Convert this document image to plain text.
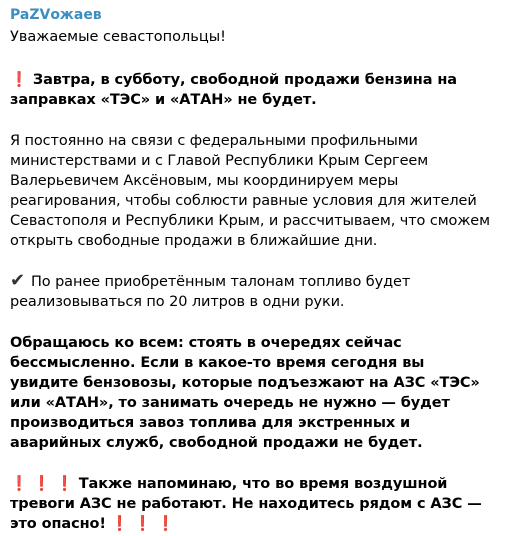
PaZVожаев
Уважаемые севастопольцы!
❗ Завтра, в субботу, свободной продажи бензина на заправках «ТЭС» и «АТАН» не будет.
Я постоянно на связи с федеральными профильными министерствами и с Главой Республики Крым Сергеем Валерьевичем Аксёновым, мы координируем меры реагирования, чтобы соблюсти равные условия для жителей Севастополя и Республики Крым, и рассчитываем, что сможем открыть свободные продажи в ближайшие дни.
✔ По ранее приобретённым талонам топливо будет реализовываться по 20 литров в одни руки.
Обращаюсь ко всем: стоять в очередях сейчас бессмысленно. Если в какое-то время сегодня вы увидите бензовозы, которые подъезжают на АЗС «ТЭС» или «АТАН», то занимать очередь не нужно — будет производиться завоз топлива для экстренных и аварийных служб, свободной продажи не будет.
❗ ❗ ❗ Также напоминаю, что во время воздушной тревоги АЗС не работают. Не находитесь рядом с АЗС — это опасно! ❗ ❗ ❗
